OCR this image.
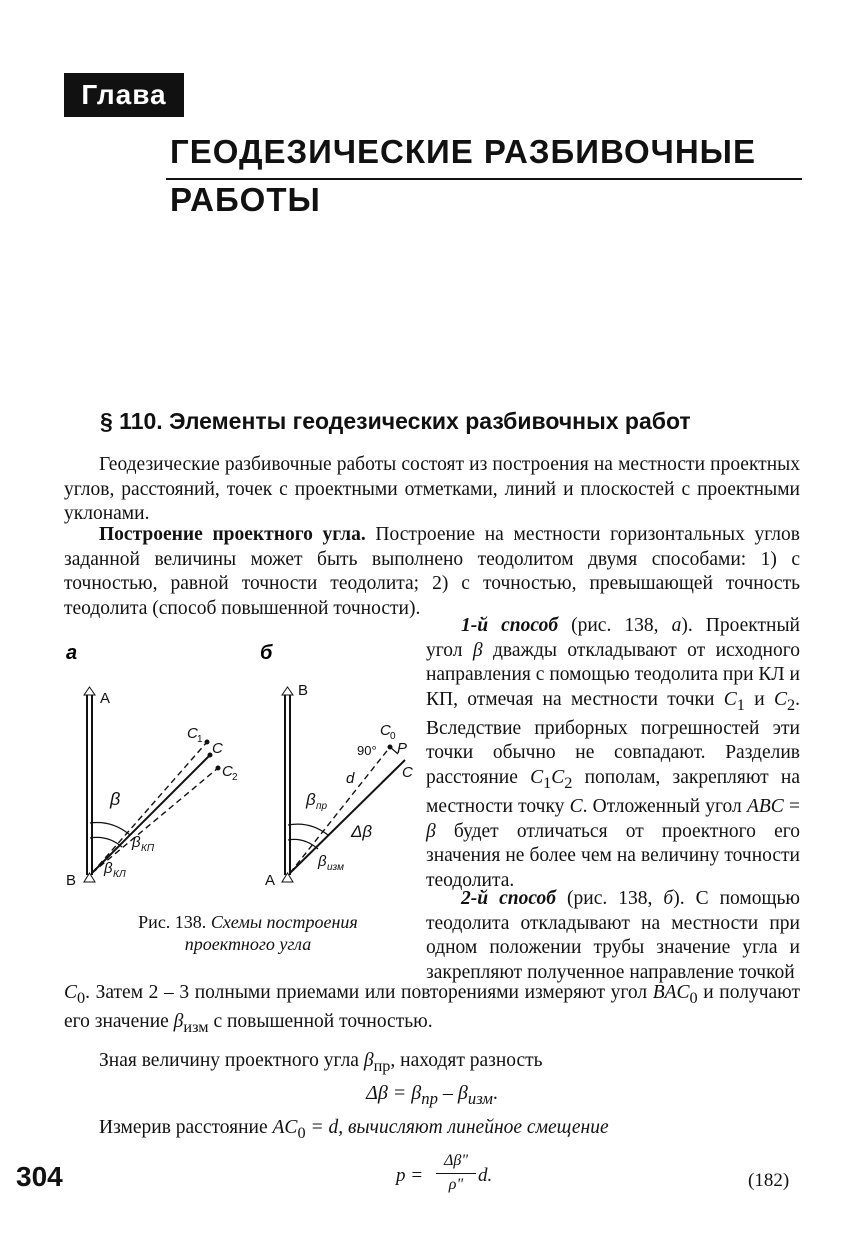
Глава 20 ГЕОДЕЗИЧЕСКИЕ РАЗБИВОЧНЫЕ РАБОТЫ
§ 110. Элементы геодезических разбивочных работ
Геодезические разбивочные работы состоят из построения на местности проектных углов, расстояний, точек с проектными отметками, линий и плоскостей с проектными уклонами.
Построение проектного угла. Построение на местности горизонтальных углов заданной величины может быть выполнено теодолитом двумя способами: 1) с точностью, равной точности теодолита; 2) с точностью, превышающей точность теодолита (способ повышенной точности).
1-й способ (рис. 138, а). Проектный угол β дважды откладывают от исходного направления с помощью теодолита при КЛ и КП, отмечая на местности точки $C_1$ и $C_2$. Вследствие приборных погрешностей эти точки обычно не совпадают. Разделив расстояние $C_1C_2$ пополам, закрепляют на местности точку C. Отложенный угол ABC = β будет отличаться от проектного его значения не более чем на величину точности теодолита.
2-й способ (рис. 138, б). С помощью теодолита откладывают на местности при одном положении трубы значение угла и закрепляют полученное направление точкой
$C_0$. Затем 2 – 3 полными приемами или повторениями измеряют угол $BAC_0$ и получают его значение $\beta_{изм}$ с повышенной точностью.
Зная величину проектного угла $\beta_{пр}$, находят разность
$\Delta\beta = \beta_{пр} - \beta_{изм}$.
Измерив расстояние $AC_0 = d$, вычисляют линейное смещение
p =
Δβ"
ρ" d.	(182)
304
Рис. 138. Схемы построения проектного угла
а	б
A
B
C 1
C
C 2
β
β КП
β КЛ
B
A
C 0
P
90°
C
d
β пр
Δβ
β изм
